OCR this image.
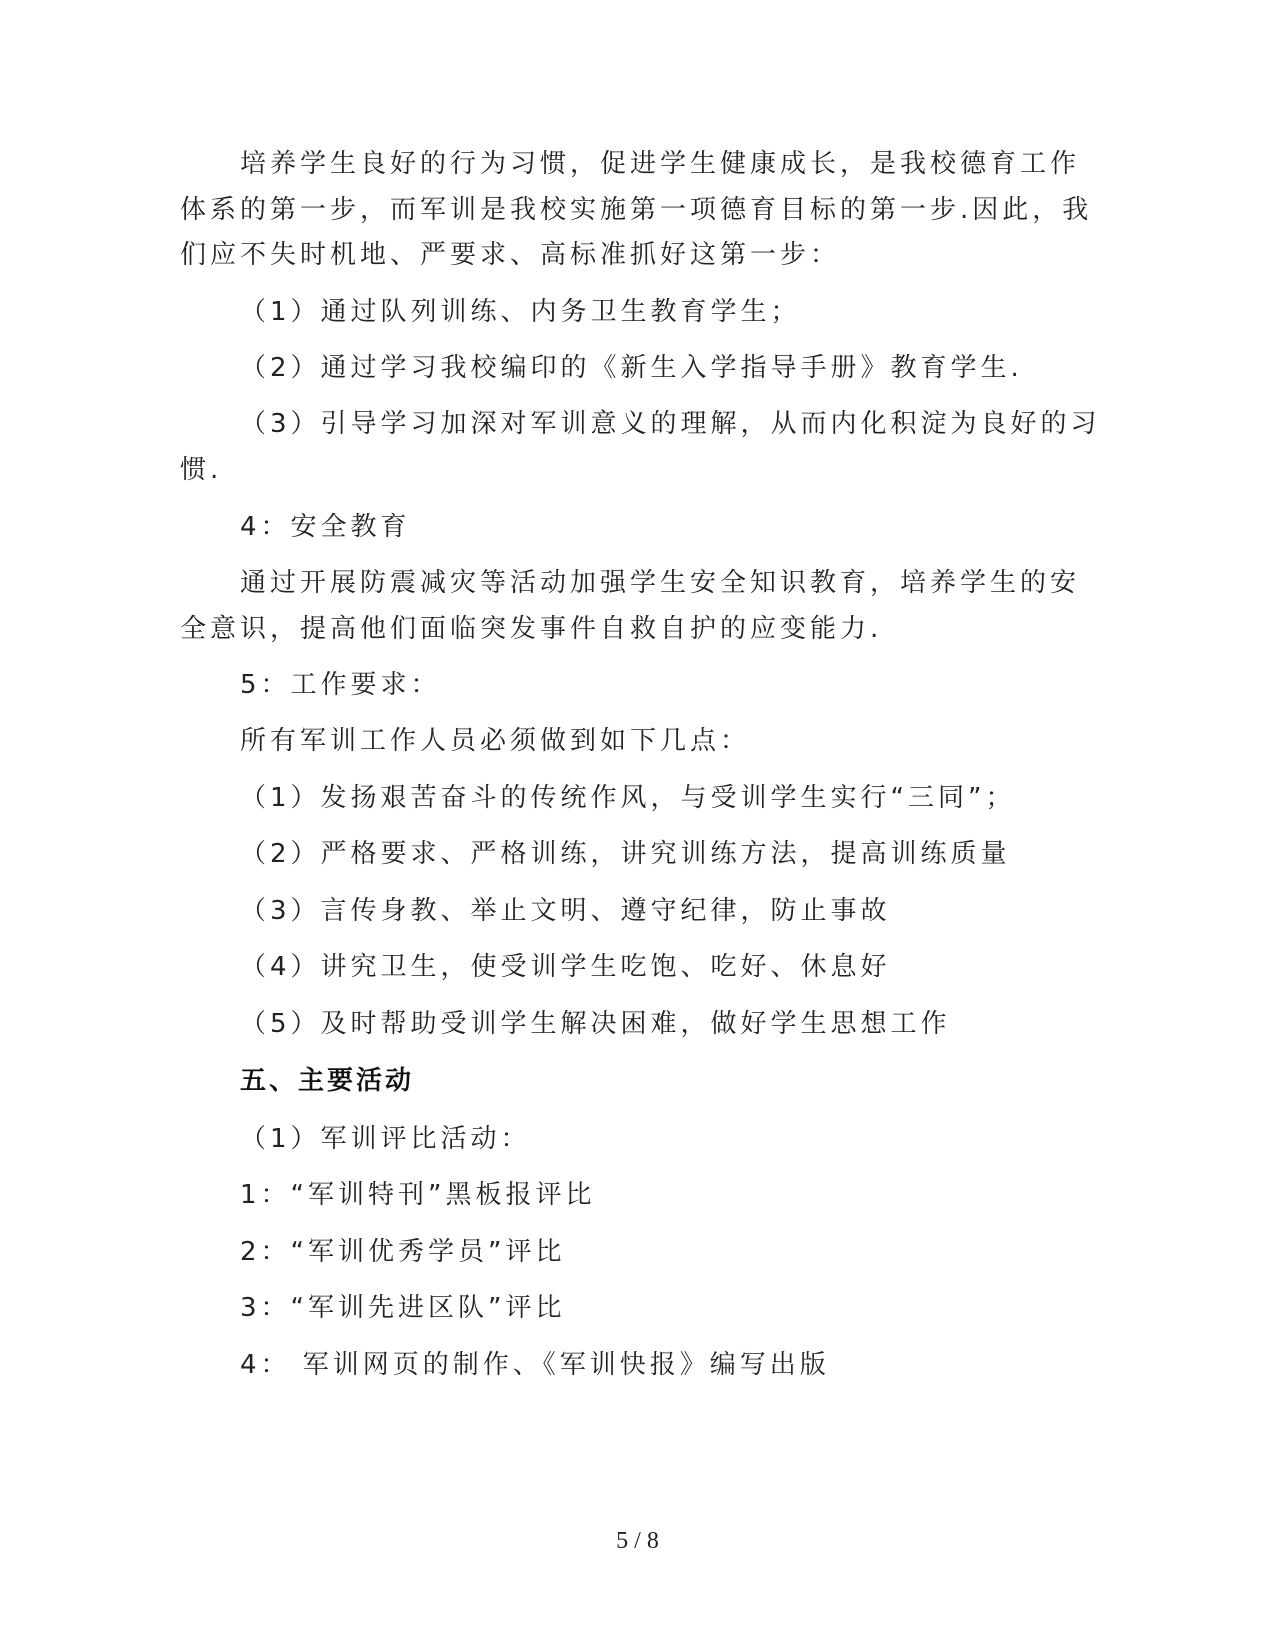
培养学生良好的行为习惯，促进学生健康成长，是我校德育工作

体系的第一步，而军训是我校实施第一项德育目标的第一步.因此，我

们应不失时机地、严要求、高标准抓好这第一步：

（1）通过队列训练、内务卫生教育学生；

（2）通过学习我校编印的《新生入学指导手册》教育学生.

（3）引导学习加深对军训意义的理解，从而内化积淀为良好的习

惯.

4：安全教育

通过开展防震减灾等活动加强学生安全知识教育，培养学生的安

全意识，提高他们面临突发事件自救自护的应变能力.

5：工作要求：

所有军训工作人员必须做到如下几点：

（1）发扬艰苦奋斗的传统作风，与受训学生实行“三同”；

（2）严格要求、严格训练，讲究训练方法，提高训练质量

（3）言传身教、举止文明、遵守纪律，防止事故

（4）讲究卫生，使受训学生吃饱、吃好、休息好

（5）及时帮助受训学生解决困难，做好学生思想工作

五、主要活动

（1）军训评比活动：

1：“军训特刊”黑板报评比

2：“军训优秀学员”评比

3：“军训先进区队”评比

4： 军训网页的制作、《军训快报》编写出版

5 / 8
